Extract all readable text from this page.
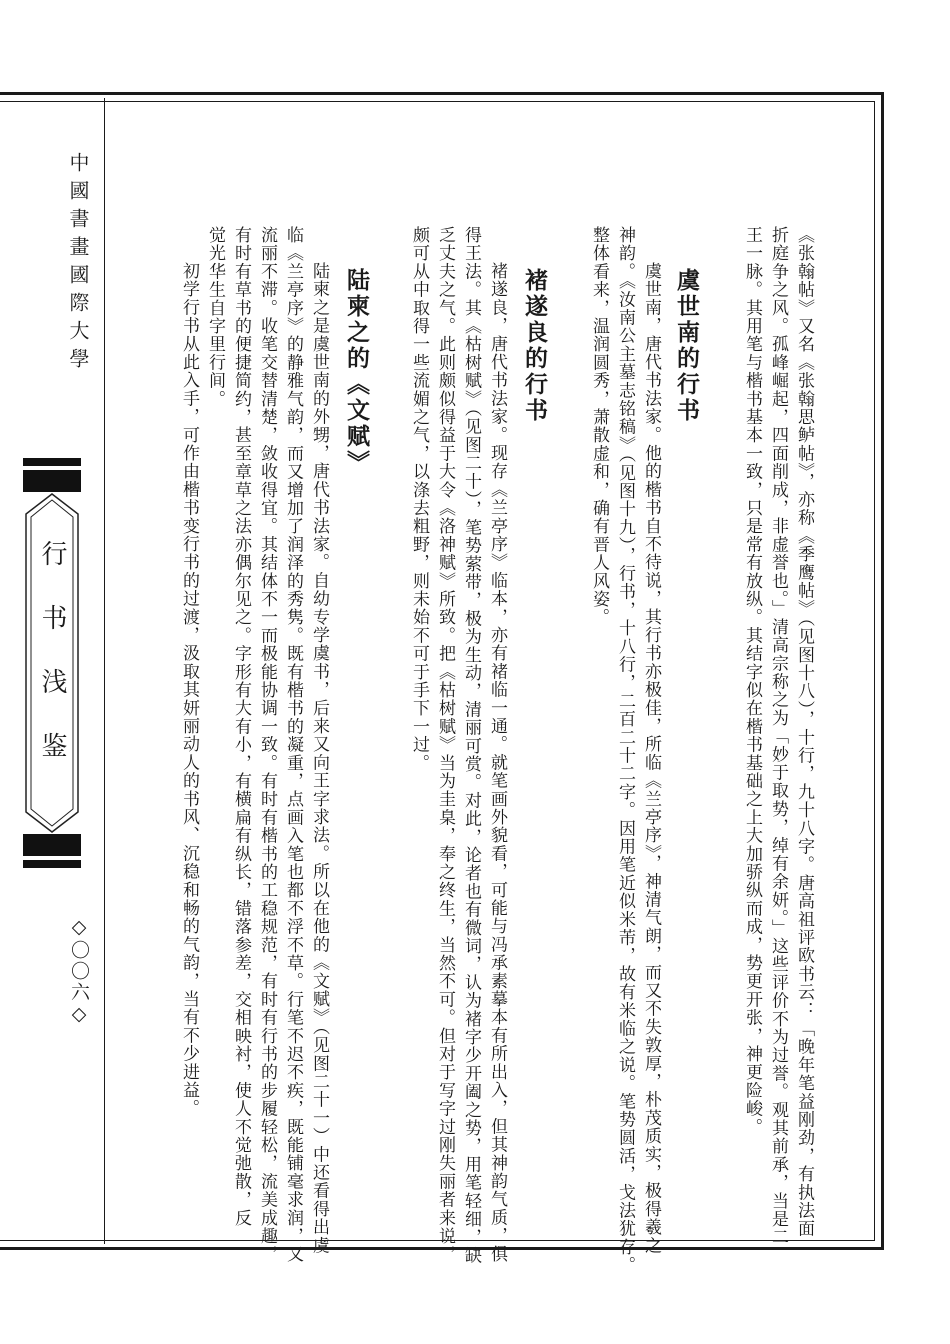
中國書畫國際大學
行书浅鉴
◇〇〇六◇	《张翰帖》又名《张翰思鲈帖》，亦称《季鹰帖》（见图十八），十行，九十八字。唐高祖评欧书云：「晚年笔益刚劲，有执法面
折庭争之风。孤峰崛起，四面削成，非虚誉也。」清高宗称之为「妙于取势，绰有余妍。」这些评价不为过誉。观其前承，当是二
王一脉。其用笔与楷书基本一致，只是常有放纵。其结字似在楷书基础之上大加骄纵而成，势更开张，神更险峻。
虞世南的行书
虞世南，唐代书法家。他的楷书自不待说，其行书亦极佳，所临《兰亭序》，神清气朗，而又不失敦厚，朴茂质实，极得羲之
神韵。《汝南公主墓志铭稿》（见图十九），行书，十八行，二百二十二字。因用笔近似米芾，故有米临之说。笔势圆活，戈法犹存。
整体看来，温润圆秀，萧散虚和，确有晋人风姿。
褚遂良的行书
褚遂良，唐代书法家。现存《兰亭序》临本，亦有褚临一通。就笔画外貌看，可能与冯承素摹本有所出入，但其神韵气质，俱
得王法。其《枯树赋》（见图二十），笔势萦带，极为生动，清丽可赏。对此，论者也有微词，认为褚字少开阖之势，用笔轻细，缺
乏丈夫之气。此则颇似得益于大令《洛神赋》所致。把《枯树赋》当为圭臬，奉之终生，当然不可。但对于写字过刚失丽者来说，
颇可从中取得一些流媚之气，以涤去粗野，则未始不可于手下一过。
陆柬之的《文赋》
陆柬之是虞世南的外甥，唐代书法家。自幼专学虞书，后来又向王字求法。所以在他的《文赋》（见图二十一）中还看得出虞
临《兰亭序》的静雅气韵，而又增加了润泽的秀隽。既有楷书的凝重，点画入笔也都不浮不草。行笔不迟不疾，既能铺毫求润，又
流丽不滞。收笔交替清楚，敛收得宜。其结体不一而极能协调一致。有时有楷书的工稳规范，有时有行书的步履轻松，流美成趣，
有时有草书的便捷简约，甚至章草之法亦偶尔见之。字形有大有小，有横扁有纵长，错落参差，交相映衬，使人不觉弛散，反
觉光华生自字里行间。
初学行书从此入手，可作由楷书变行书的过渡，汲取其妍丽动人的书风、沉稳和畅的气韵，当有不少进益。
